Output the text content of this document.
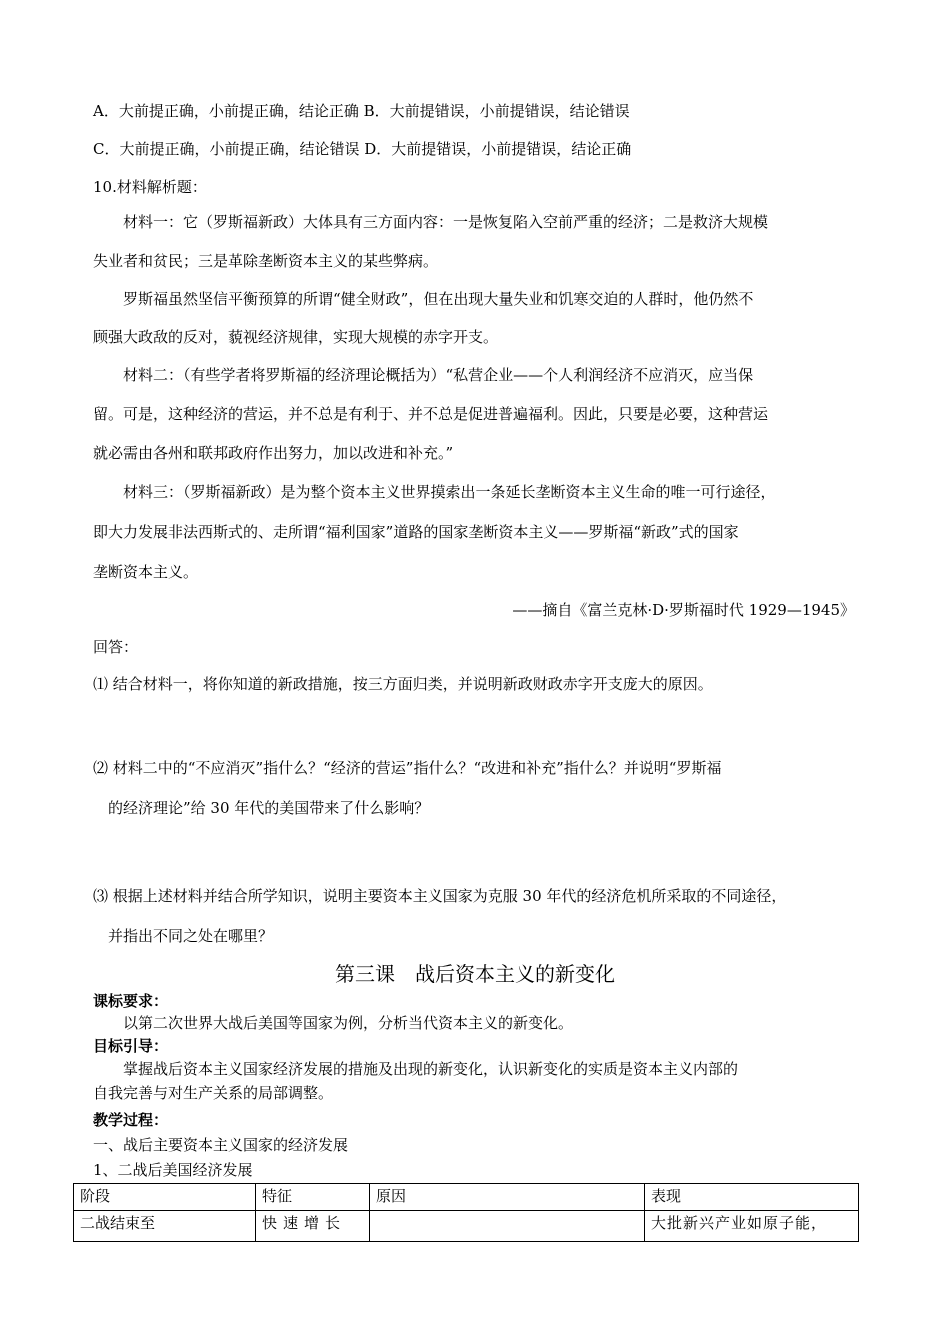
A．大前提正确，小前提正确，结论正确 B．大前提错误，小前提错误，结论错误
C．大前提正确，小前提正确，结论错误 D．大前提错误，小前提错误，结论正确
10.材料解析题：
材料一：它（罗斯福新政）大体具有三方面内容：一是恢复陷入空前严重的经济；二是救济大规模
失业者和贫民；三是革除垄断资本主义的某些弊病。
罗斯福虽然坚信平衡预算的所谓“健全财政”，但在出现大量失业和饥寒交迫的人群时，他仍然不
顾强大政敌的反对，藐视经济规律，实现大规模的赤字开支。
材料二：（有些学者将罗斯福的经济理论概括为）“私营企业——个人利润经济不应消灭，应当保
留。可是，这种经济的营运，并不总是有利于、并不总是促进普遍福利。因此，只要是必要，这种营运
就必需由各州和联邦政府作出努力，加以改进和补充。”
材料三：（罗斯福新政）是为整个资本主义世界摸索出一条延长垄断资本主义生命的唯一可行途径，
即大力发展非法西斯式的、走所谓“福利国家”道路的国家垄断资本主义——罗斯福“新政”式的国家
垄断资本主义。
——摘自《富兰克林·D·罗斯福时代 1929—1945》
回答：
⑴ 结合材料一，将你知道的新政措施，按三方面归类，并说明新政财政赤字开支庞大的原因。
⑵ 材料二中的“不应消灭”指什么？“经济的营运”指什么？“改进和补充”指什么？并说明“罗斯福
的经济理论”给 30 年代的美国带来了什么影响？
⑶ 根据上述材料并结合所学知识，说明主要资本主义国家为克服 30 年代的经济危机所采取的不同途径，
并指出不同之处在哪里？
第三课　战后资本主义的新变化
课标要求：
以第二次世界大战后美国等国家为例，分析当代资本主义的新变化。
目标引导：
掌握战后资本主义国家经济发展的措施及出现的新变化，认识新变化的实质是资本主义内部的
自我完善与对生产关系的局部调整。
教学过程：
一、战后主要资本主义国家的经济发展
1、二战后美国经济发展
阶段	特征	原因	表现
二战结束至	快速增长		大批新兴产业如原子能，
